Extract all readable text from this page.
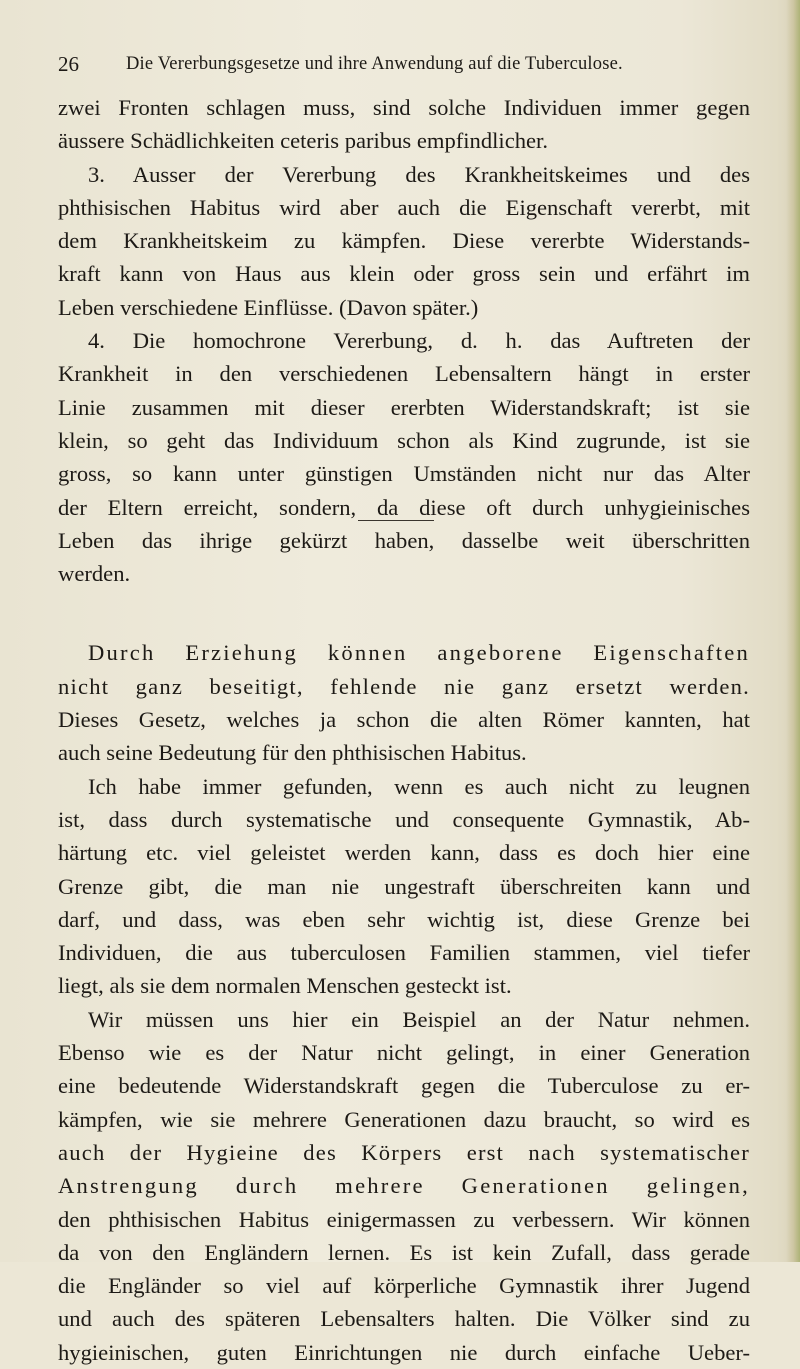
26	Die Vererbungsgesetze und ihre Anwendung auf die Tuberculose.
zwei Fronten schlagen muss, sind solche Individuen immer gegen
äussere Schädlichkeiten ceteris paribus empfindlicher.
3. Ausser der Vererbung des Krankheitskeimes und des
phthisischen Habitus wird aber auch die Eigenschaft vererbt, mit
dem Krankheitskeim zu kämpfen. Diese vererbte Widerstands-
kraft kann von Haus aus klein oder gross sein und erfährt im
Leben verschiedene Einflüsse. (Davon später.)
4. Die homochrone Vererbung, d. h. das Auftreten der
Krankheit in den verschiedenen Lebensaltern hängt in erster
Linie zusammen mit dieser ererbten Widerstandskraft; ist sie
klein, so geht das Individuum schon als Kind zugrunde, ist sie
gross, so kann unter günstigen Umständen nicht nur das Alter
der Eltern erreicht, sondern, da diese oft durch unhygieinisches
Leben das ihrige gekürzt haben, dasselbe weit überschritten
werden.
Durch Erziehung können angeborene Eigenschaften
nicht ganz beseitigt, fehlende nie ganz ersetzt werden.
Dieses Gesetz, welches ja schon die alten Römer kannten, hat
auch seine Bedeutung für den phthisischen Habitus.
Ich habe immer gefunden, wenn es auch nicht zu leugnen
ist, dass durch systematische und consequente Gymnastik, Ab-
härtung etc. viel geleistet werden kann, dass es doch hier eine
Grenze gibt, die man nie ungestraft überschreiten kann und
darf, und dass, was eben sehr wichtig ist, diese Grenze bei
Individuen, die aus tuberculosen Familien stammen, viel tiefer
liegt, als sie dem normalen Menschen gesteckt ist.
Wir müssen uns hier ein Beispiel an der Natur nehmen.
Ebenso wie es der Natur nicht gelingt, in einer Generation
eine bedeutende Widerstandskraft gegen die Tuberculose zu er-
kämpfen, wie sie mehrere Generationen dazu braucht, so wird es
auch der Hygieine des Körpers erst nach systematischer
Anstrengung durch mehrere Generationen gelingen,
den phthisischen Habitus einigermassen zu verbessern. Wir können
da von den Engländern lernen. Es ist kein Zufall, dass gerade
die Engländer so viel auf körperliche Gymnastik ihrer Jugend
und auch des späteren Lebensalters halten. Die Völker sind zu
hygieinischen, guten Einrichtungen nie durch einfache Ueber-
